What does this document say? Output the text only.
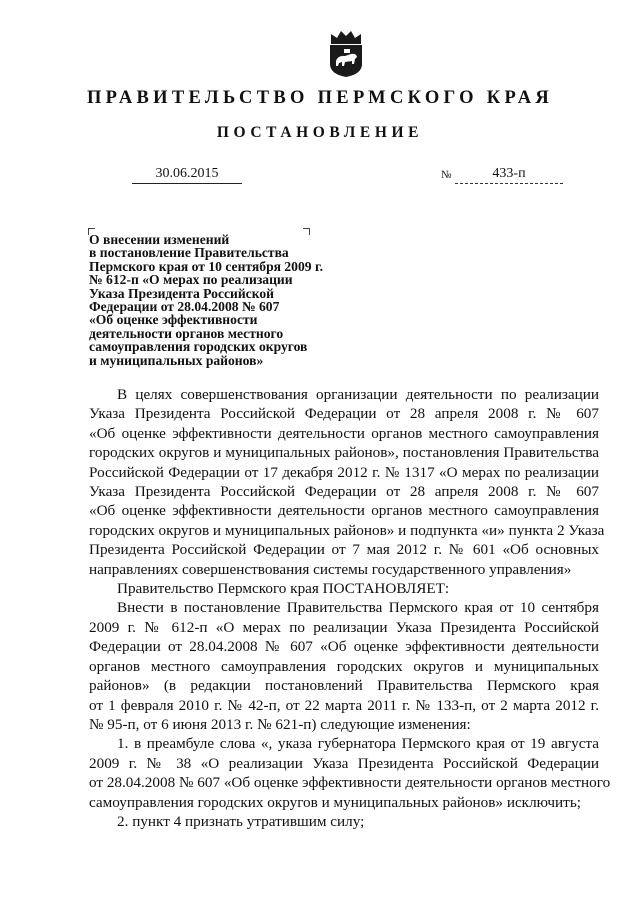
ПРАВИТЕЛЬСТВО ПЕРМСКОГО КРАЯ
ПОСТАНОВЛЕНИЕ
30.06.2015	№	433-п
О внесении изменений
в постановление Правительства
Пермского края от 10 сентября 2009 г.
№ 612-п «О мерах по реализации
Указа Президента Российской
Федерации от 28.04.2008 № 607
«Об оценке эффективности
деятельности органов местного
самоуправления городских округов
и муниципальных районов»
В целях совершенствования организации деятельности по реализации
Указа Президента Российской Федерации от 28 апреля 2008 г. № 607
«Об оценке эффективности деятельности органов местного самоуправления
городских округов и муниципальных районов», постановления Правительства
Российской Федерации от 17 декабря 2012 г. № 1317 «О мерах по реализации
Указа Президента Российской Федерации от 28 апреля 2008 г. № 607
«Об оценке эффективности деятельности органов местного самоуправления
городских округов и муниципальных районов» и подпункта «и» пункта 2 Указа
Президента Российской Федерации от 7 мая 2012 г. № 601 «Об основных
направлениях совершенствования системы государственного управления»
Правительство Пермского края ПОСТАНОВЛЯЕТ:
Внести в постановление Правительства Пермского края от 10 сентября
2009 г. № 612-п «О мерах по реализации Указа Президента Российской
Федерации от 28.04.2008 № 607 «Об оценке эффективности деятельности
органов местного самоуправления городских округов и муниципальных
районов» (в редакции постановлений Правительства Пермского края
от 1 февраля 2010 г. № 42-п, от 22 марта 2011 г. № 133-п, от 2 марта 2012 г.
№ 95-п, от 6 июня 2013 г. № 621-п) следующие изменения:
1. в преамбуле слова «, указа губернатора Пермского края от 19 августа
2009 г. № 38 «О реализации Указа Президента Российской Федерации
от 28.04.2008 № 607 «Об оценке эффективности деятельности органов местного
самоуправления городских округов и муниципальных районов» исключить;
2. пункт 4 признать утратившим силу;
